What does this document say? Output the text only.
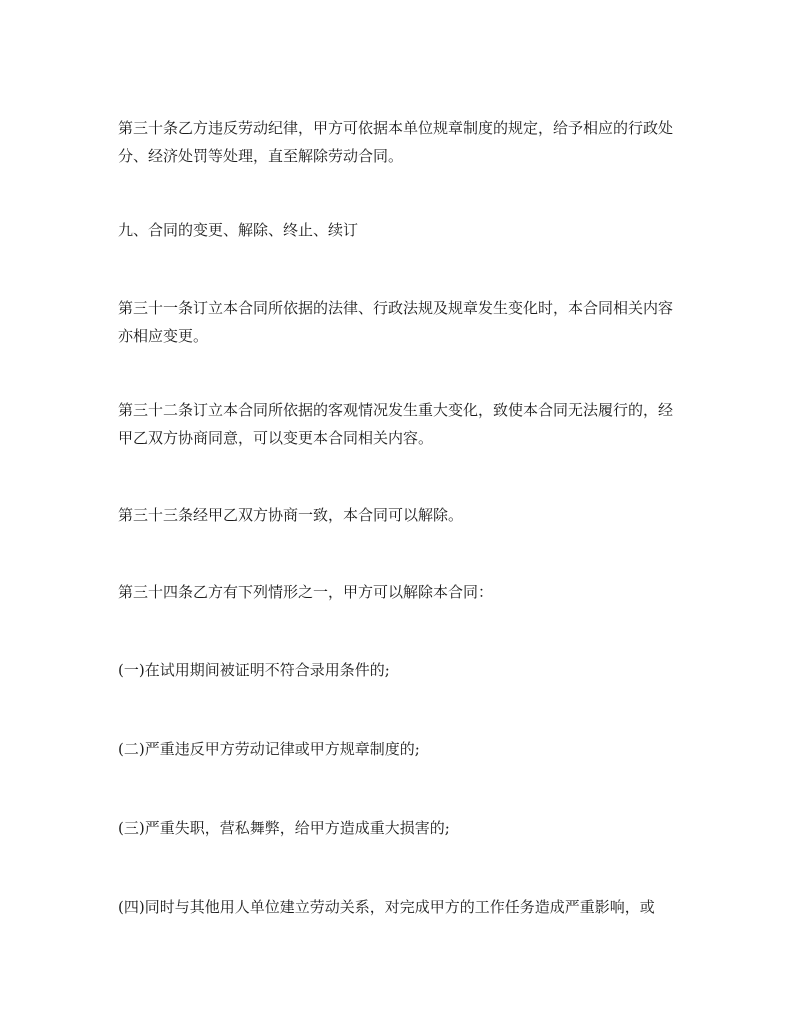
第三十条乙方违反劳动纪律，甲方可依据本单位规章制度的规定，给予相应的行政处分、经济处罚等处理，直至解除劳动合同。

九、合同的变更、解除、终止、续订

第三十一条订立本合同所依据的法律、行政法规及规章发生变化时，本合同相关内容亦相应变更。

第三十二条订立本合同所依据的客观情况发生重大变化，致使本合同无法履行的，经甲乙双方协商同意，可以变更本合同相关内容。

第三十三条经甲乙双方协商一致，本合同可以解除。

第三十四条乙方有下列情形之一，甲方可以解除本合同：

(一)在试用期间被证明不符合录用条件的;

(二)严重违反甲方劳动记律或甲方规章制度的;

(三)严重失职，营私舞弊，给甲方造成重大损害的;

(四)同时与其他用人单位建立劳动关系，对完成甲方的工作任务造成严重影响，或
